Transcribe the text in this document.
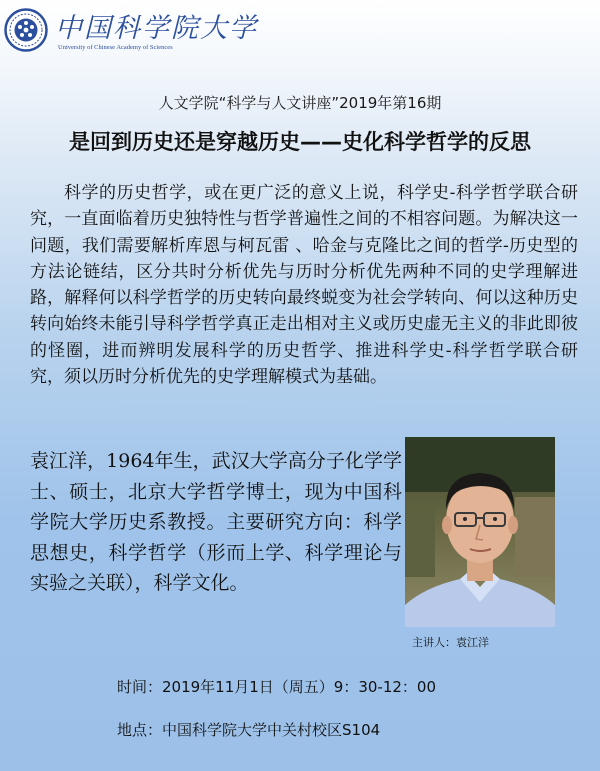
中国科学院大学
University of Chinese Academy of Sciences
人文学院“科学与人文讲座”2019年第16期
是回到历史还是穿越历史——史化科学哲学的反思

科学的历史哲学，或在更广泛的意义上说，科学史-科学哲学联合研究，一直面临着历史独特性与哲学普遍性之间的不相容问题。为解决这一问题，我们需要解析库恩与柯瓦雷 、哈金与克隆比之间的哲学-历史型的方法论链结，区分共时分析优先与历时分析优先两种不同的史学理解进路，解释何以科学哲学的历史转向最终蜕变为社会学转向、何以这种历史转向始终未能引导科学哲学真正走出相对主义或历史虚无主义的非此即彼的怪圈，进而辨明发展科学的历史哲学、推进科学史-科学哲学联合研究，须以历时分析优先的史学理解模式为基础。

袁江洋，1964年生，武汉大学高分子化学学士、硕士，北京大学哲学博士，现为中国科学院大学历史系教授。主要研究方向：科学思想史，科学哲学（形而上学、科学理论与实验之关联），科学文化。

主讲人：袁江洋
时间：2019年11月1日（周五）9：30-12：00
地点：中国科学院大学中关村校区S104
